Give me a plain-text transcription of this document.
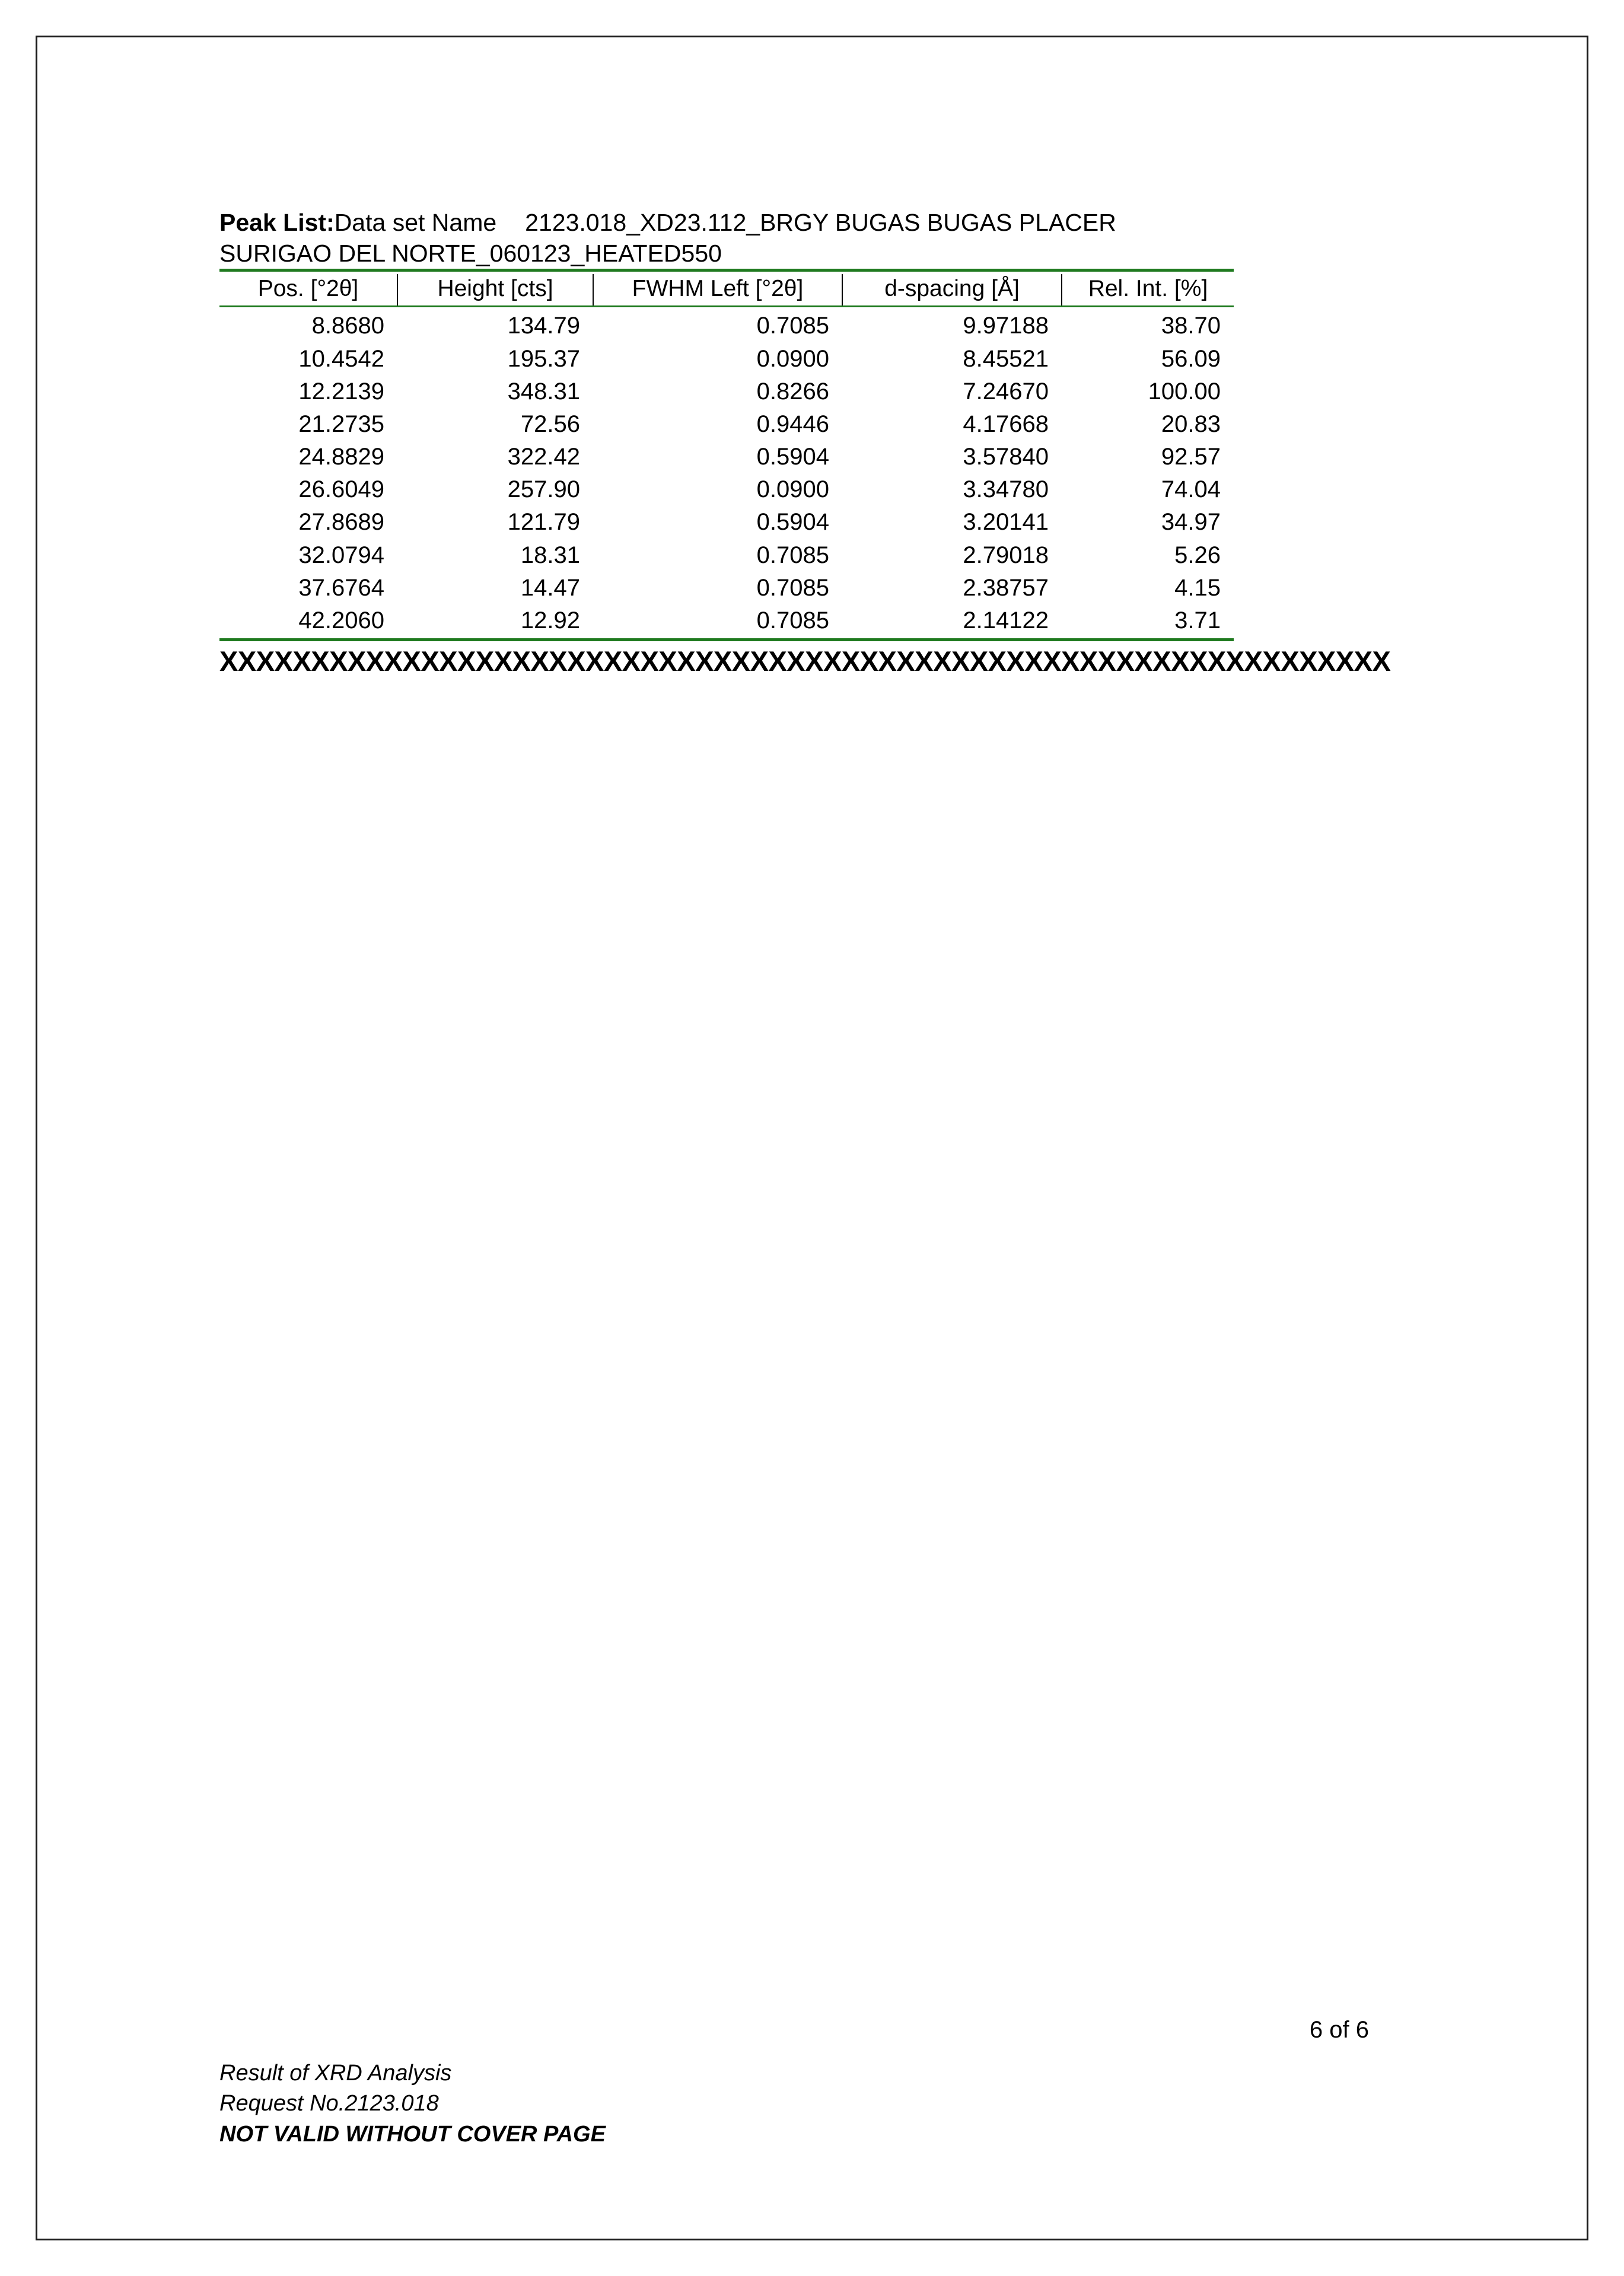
Peak List:Data set Name 2123.018_XD23.112_BRGY BUGAS BUGAS PLACER
SURIGAO DEL NORTE_060123_HEATED550
Pos. [°2θ]	Height [cts]	FWHM Left [°2θ]	d-spacing [Å]	Rel. Int. [%]
8.8680	134.79	0.7085	9.97188	38.70
10.4542	195.37	0.0900	8.45521	56.09
12.2139	348.31	0.8266	7.24670	100.00
21.2735	72.56	0.9446	4.17668	20.83
24.8829	322.42	0.5904	3.57840	92.57
26.6049	257.90	0.0900	3.34780	74.04
27.8689	121.79	0.5904	3.20141	34.97
32.0794	18.31	0.7085	2.79018	5.26
37.6764	14.47	0.7085	2.38757	4.15
42.2060	12.92	0.7085	2.14122	3.71
XXXXXXXXXXXXXXXXXXXXXXXXXXXXXXXXXXXXXXXXXXXXXXXXXXXXXXXXXXXXXXXX
6 of 6
Result of XRD Analysis
Request No.2123.018
NOT VALID WITHOUT COVER PAGE
